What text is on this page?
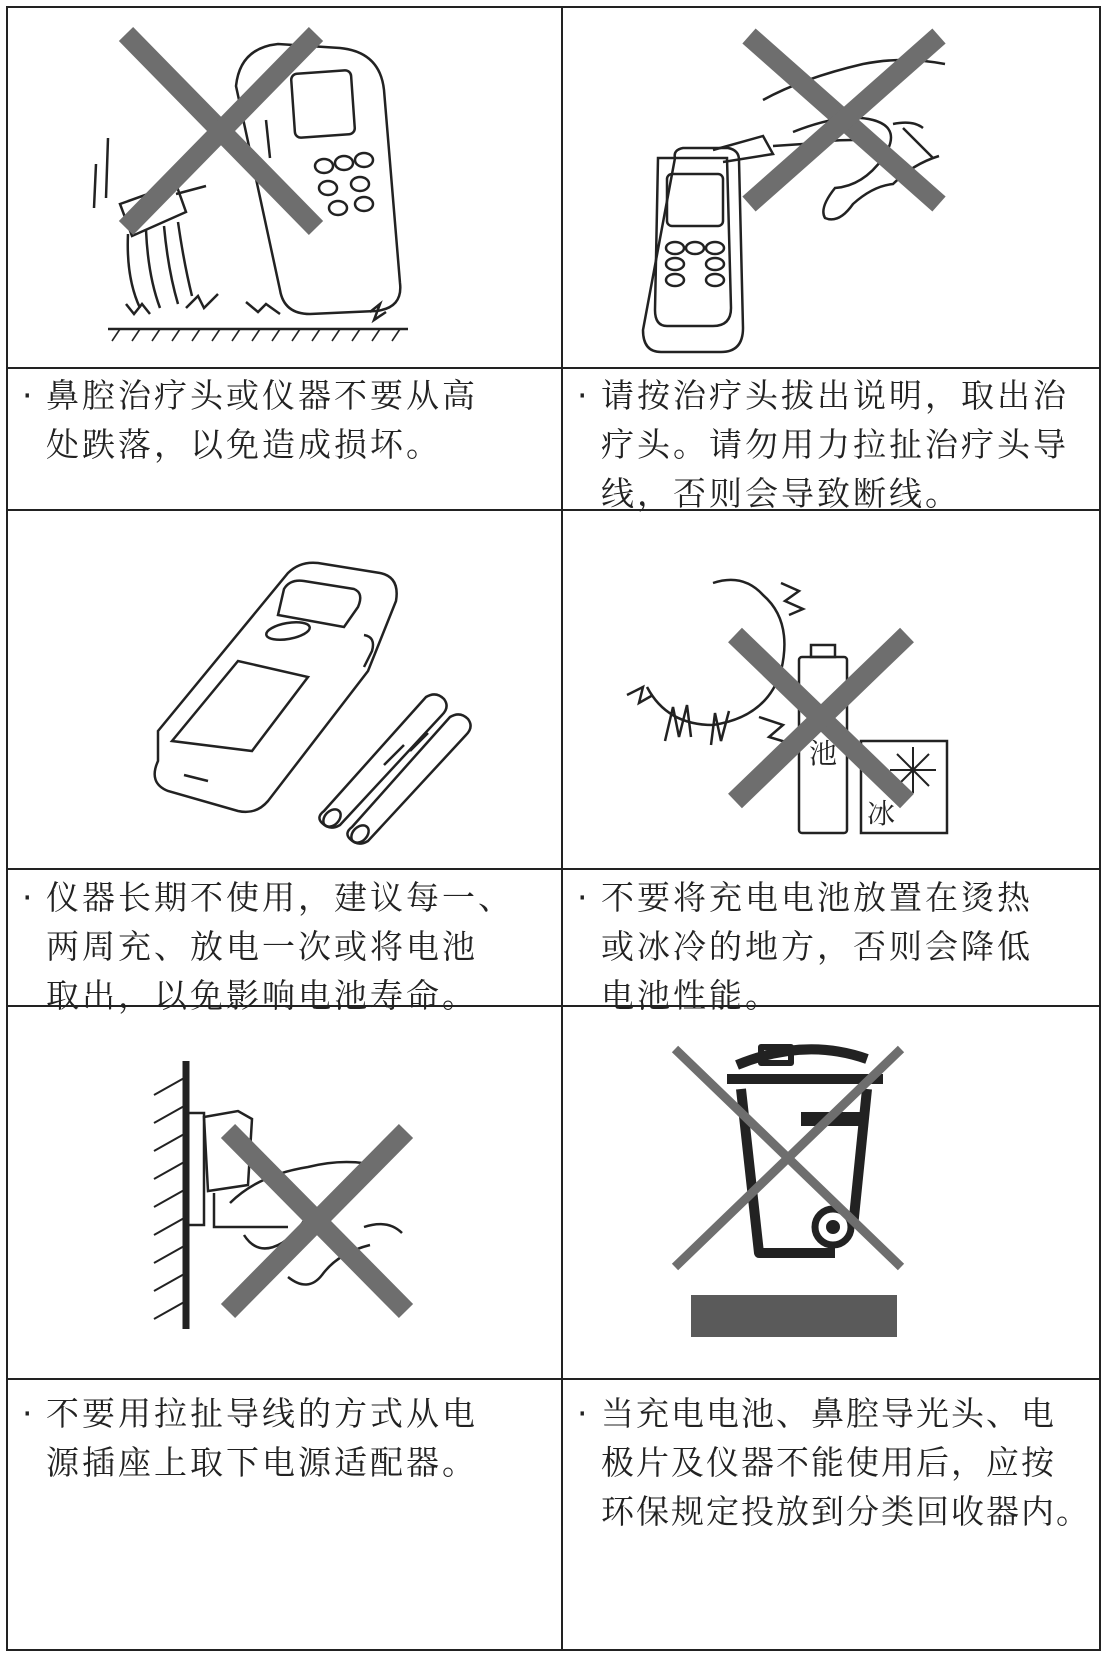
· 鼻腔治疗头或仪器不要从高
处跌落，以免造成损坏。
· 请按治疗头拔出说明，取出治
疗头。请勿用力拉扯治疗头导
线，否则会导致断线。
池
冰
· 仪器长期不使用，建议每一、
两周充、放电一次或将电池
取出，以免影响电池寿命。
· 不要将充电电池放置在烫热
或冰冷的地方，否则会降低
电池性能。
· 不要用拉扯导线的方式从电
源插座上取下电源适配器。
· 当充电电池、鼻腔导光头、电
极片及仪器不能使用后，应按
环保规定投放到分类回收器内。
